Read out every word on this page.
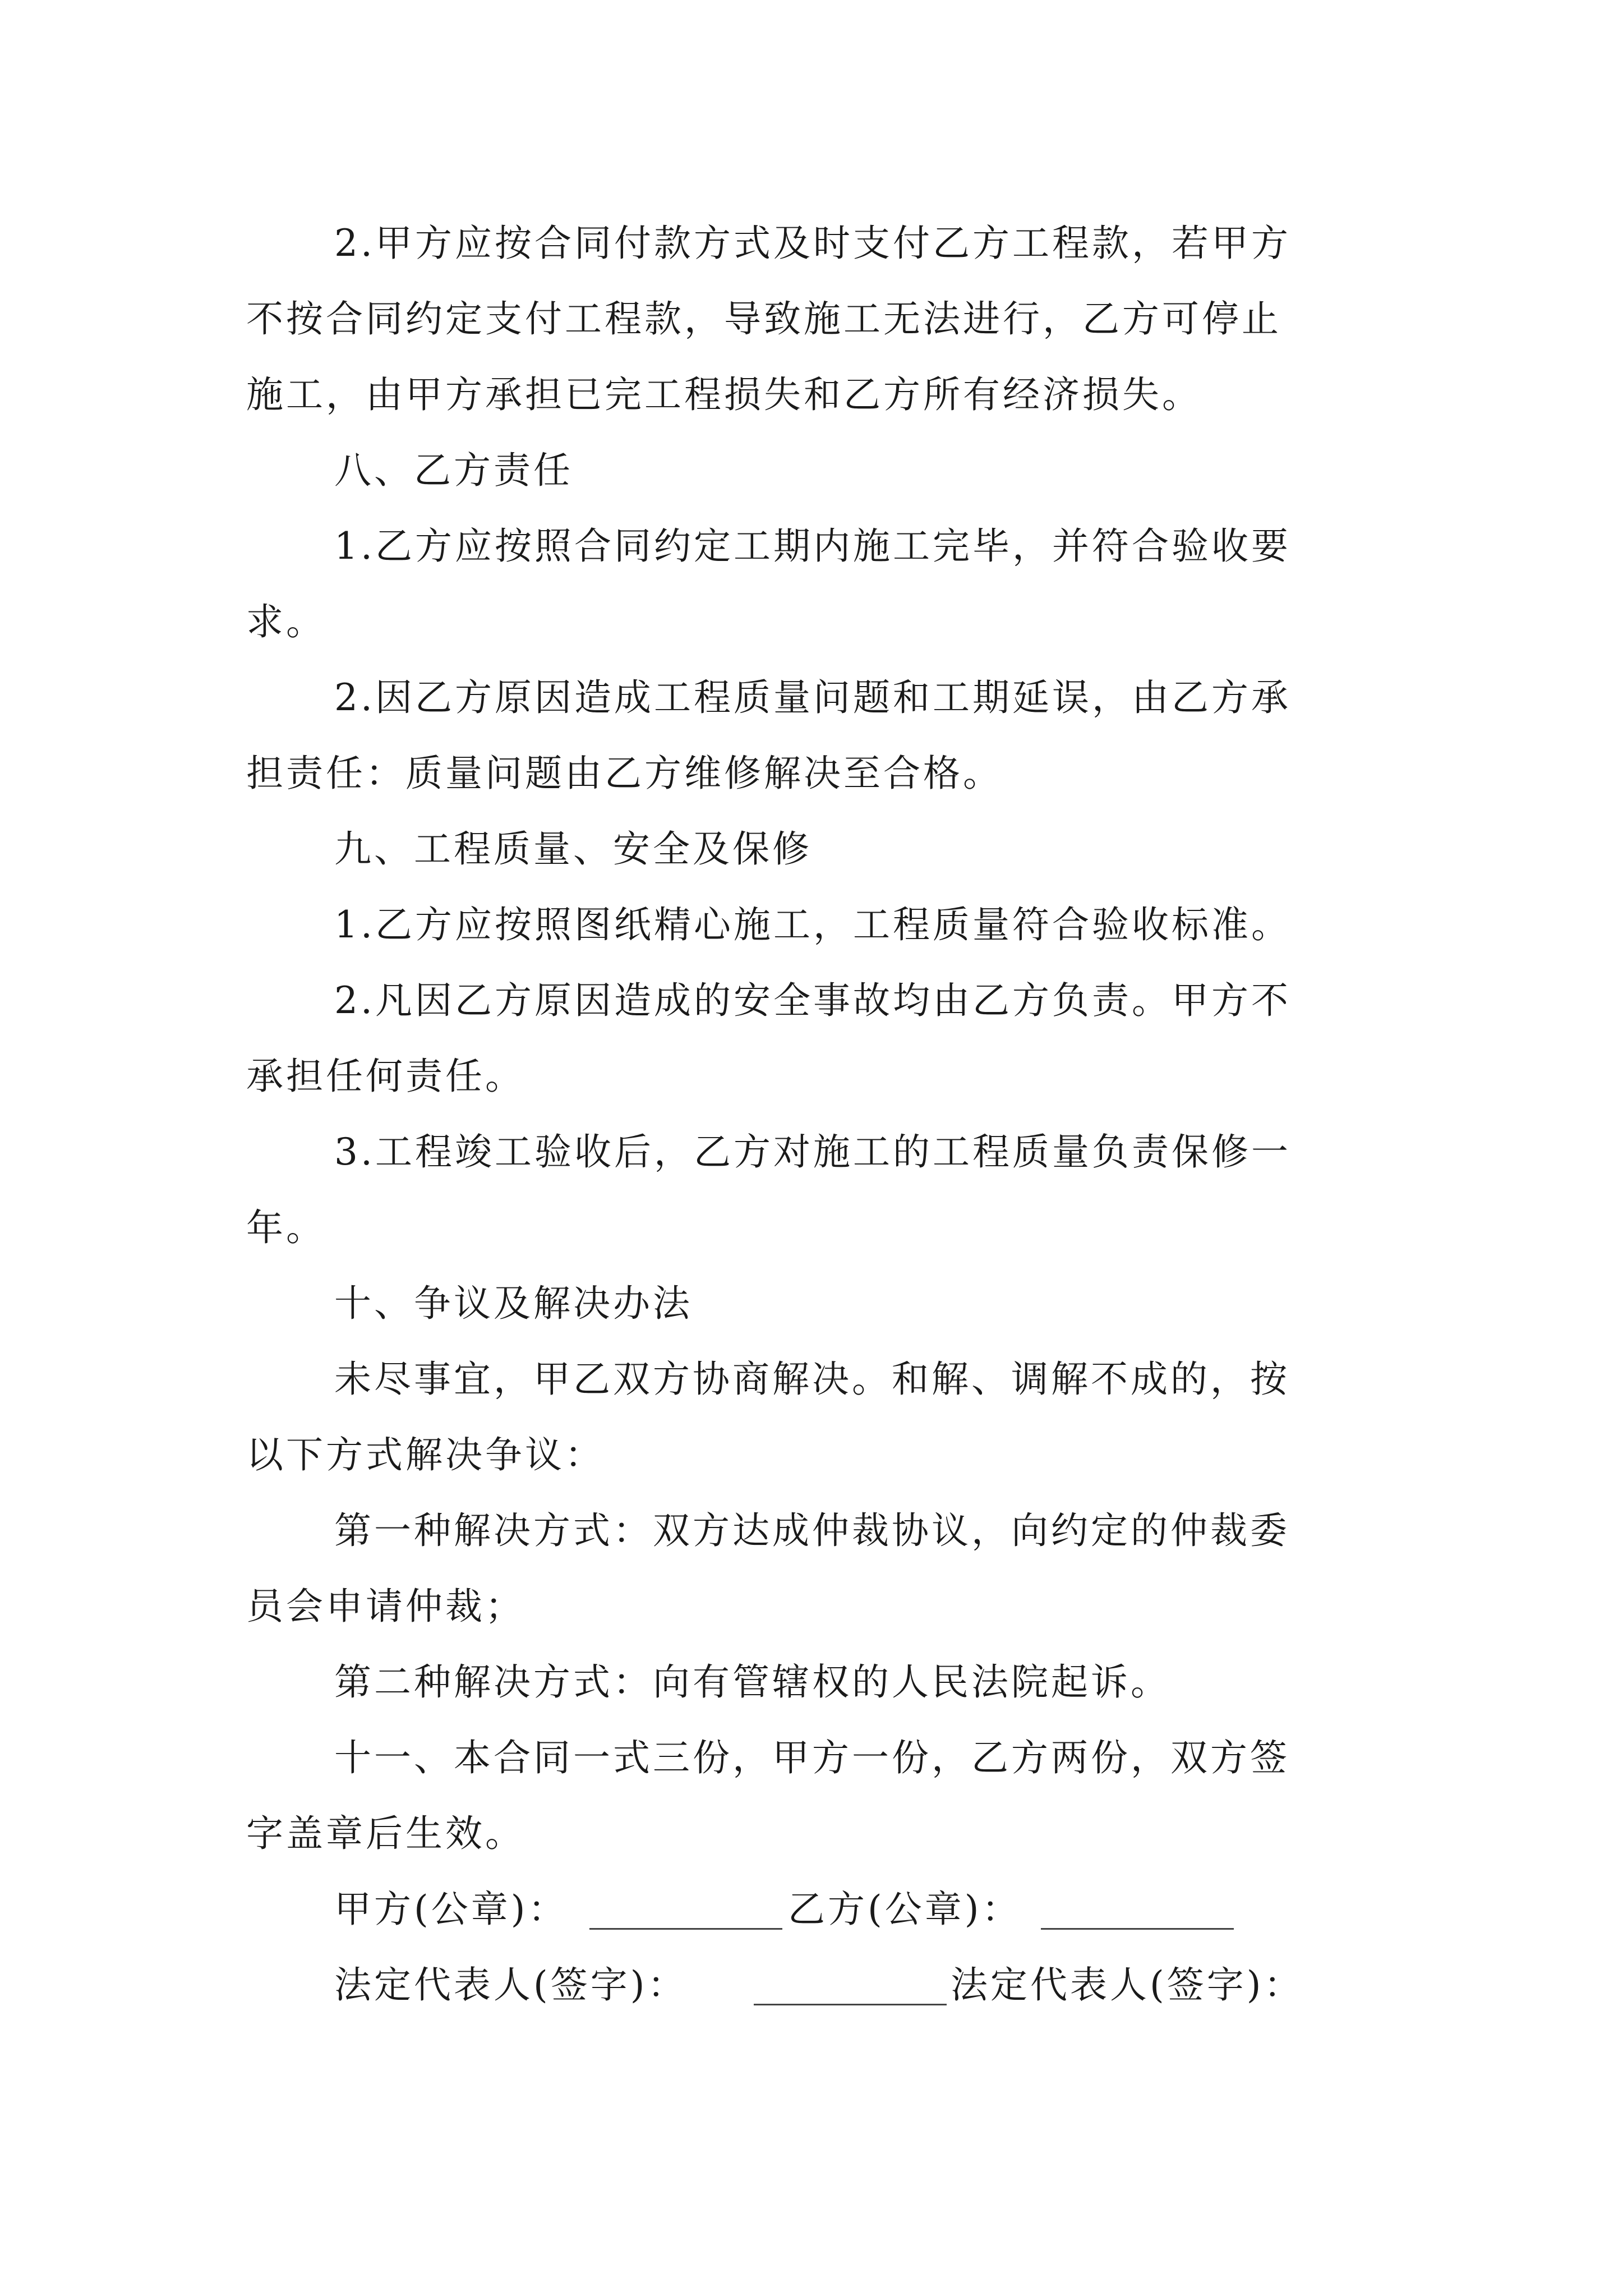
2.甲方应按合同付款方式及时支付乙方工程款，若甲方
不按合同约定支付工程款，导致施工无法进行，乙方可停止
施工，由甲方承担已完工程损失和乙方所有经济损失。
八、乙方责任
1.乙方应按照合同约定工期内施工完毕，并符合验收要
求。
2.因乙方原因造成工程质量问题和工期延误，由乙方承
担责任：质量问题由乙方维修解决至合格。
九、工程质量、安全及保修
1.乙方应按照图纸精心施工，工程质量符合验收标准。
2.凡因乙方原因造成的安全事故均由乙方负责。甲方不
承担任何责任。
3.工程竣工验收后，乙方对施工的工程质量负责保修一
年。
十、争议及解决办法
未尽事宜，甲乙双方协商解决。和解、调解不成的，按
以下方式解决争议：
第一种解决方式：双方达成仲裁协议，向约定的仲裁委
员会申请仲裁；
第二种解决方式：向有管辖权的人民法院起诉。
十一、本合同一式三份，甲方一份，乙方两份，双方签
字盖章后生效。
甲方(公章)：	乙方(公章)：
法定代表人(签字)：	法定代表人(签字)：
